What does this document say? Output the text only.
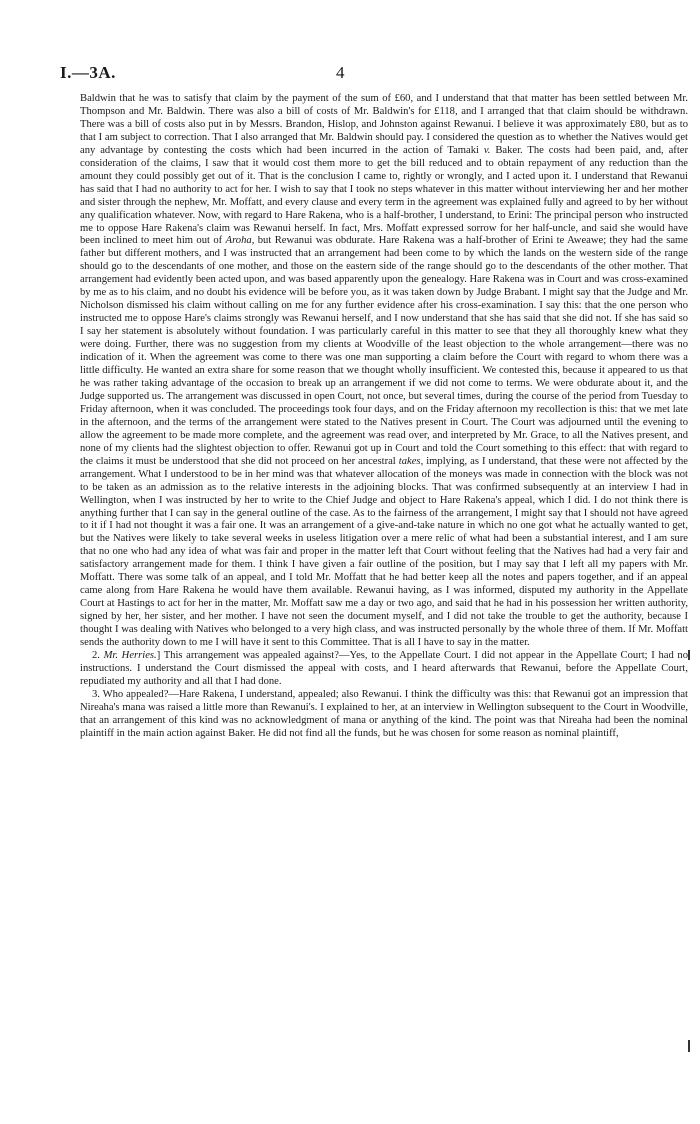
I.—3A.	4

Baldwin that he was to satisfy that claim by the payment of the sum of £60, and I understand that that matter has been settled between Mr. Thompson and Mr. Baldwin. There was also a bill of costs of Mr. Baldwin's for £118, and I arranged that that claim should be withdrawn. There was a bill of costs also put in by Messrs. Brandon, Hislop, and Johnston against Rewanui. I believe it was approximately £80, but as to that I am subject to correction. That I also arranged that Mr. Baldwin should pay. I considered the question as to whether the Natives would get any advantage by contesting the costs which had been incurred in the action of Tamaki v. Baker. The costs had been paid, and, after consideration of the claims, I saw that it would cost them more to get the bill reduced and to obtain repayment of any reduction than the amount they could possibly get out of it. That is the conclusion I came to, rightly or wrongly, and I acted upon it. I understand that Rewanui has said that I had no authority to act for her. I wish to say that I took no steps whatever in this matter without interviewing her and her mother and sister through the nephew, Mr. Moffatt, and every clause and every term in the agreement was explained fully and agreed to by her without any qualification whatever. Now, with regard to Hare Rakena, who is a half-brother, I understand, to Erini: The principal person who instructed me to oppose Hare Rakena's claim was Rewanui herself. In fact, Mrs. Moffatt expressed sorrow for her half-uncle, and said she would have been inclined to meet him out of Aroha, but Rewanui was obdurate. Hare Rakena was a half-brother of Erini te Aweawe; they had the same father but different mothers, and I was instructed that an arrangement had been come to by which the lands on the western side of the range should go to the descendants of one mother, and those on the eastern side of the range should go to the descendants of the other mother. That arrangement had evidently been acted upon, and was based apparently upon the genealogy. Hare Rakena was in Court and was cross-examined by me as to his claim, and no doubt his evidence will be before you, as it was taken down by Judge Brabant. I might say that the Judge and Mr. Nicholson dismissed his claim without calling on me for any further evidence after his cross-examination. I say this: that the one person who instructed me to oppose Hare's claims strongly was Rewanui herself, and I now understand that she has said that she did not. If she has said so I say her statement is absolutely without foundation. I was particularly careful in this matter to see that they all thoroughly knew what they were doing. Further, there was no suggestion from my clients at Woodville of the least objection to the whole arrangement—there was no indication of it. When the agreement was come to there was one man supporting a claim before the Court with regard to whom there was a little difficulty. He wanted an extra share for some reason that we thought wholly insufficient. We contested this, because it appeared to us that he was rather taking advantage of the occasion to break up an arrangement if we did not come to terms. We were obdurate about it, and the Judge supported us. The arrangement was discussed in open Court, not once, but several times, during the course of the period from Tuesday to Friday afternoon, when it was concluded. The proceedings took four days, and on the Friday afternoon my recollection is this: that we met late in the afternoon, and the terms of the arrangement were stated to the Natives present in Court. The Court was adjourned until the evening to allow the agreement to be made more complete, and the agreement was read over, and interpreted by Mr. Grace, to all the Natives present, and none of my clients had the slightest objection to offer. Rewanui got up in Court and told the Court something to this effect: that with regard to the claims it must be understood that she did not proceed on her ancestral takes, implying, as I understand, that these were not affected by the arrangement. What I understood to be in her mind was that whatever allocation of the moneys was made in connection with the block was not to be taken as an admission as to the relative interests in the adjoining blocks. That was confirmed subsequently at an interview I had in Wellington, when I was instructed by her to write to the Chief Judge and object to Hare Rakena's appeal, which I did. I do not think there is anything further that I can say in the general outline of the case. As to the fairness of the arrangement, I might say that I should not have agreed to it if I had not thought it was a fair one. It was an arrangement of a give-and-take nature in which no one got what he actually wanted to get, but the Natives were likely to take several weeks in useless litigation over a mere relic of what had been a substantial interest, and I am sure that no one who had any idea of what was fair and proper in the matter left that Court without feeling that the Natives had had a very fair and satisfactory arrangement made for them. I think I have given a fair outline of the position, but I may say that I left all my papers with Mr. Moffatt. There was some talk of an appeal, and I told Mr. Moffatt that he had better keep all the notes and papers together, and if an appeal came along from Hare Rakena he would have them available. Rewanui having, as I was informed, disputed my authority in the Appellate Court at Hastings to act for her in the matter, Mr. Moffatt saw me a day or two ago, and said that he had in his possession her written authority, signed by her, her sister, and her mother. I have not seen the document myself, and I did not take the trouble to get the authority, because I thought I was dealing with Natives who belonged to a very high class, and was instructed personally by the whole three of them. If Mr. Moffatt sends the authority down to me I will have it sent to this Committee. That is all I have to say in the matter.

2. Mr. Herries.] This arrangement was appealed against?—Yes, to the Appellate Court. I did not appear in the Appellate Court; I had no instructions. I understand the Court dismissed the appeal with costs, and I heard afterwards that Rewanui, before the Appellate Court, repudiated my authority and all that I had done.

3. Who appealed?—Hare Rakena, I understand, appealed; also Rewanui. I think the difficulty was this: that Rewanui got an impression that Nireaha's mana was raised a little more than Rewanui's. I explained to her, at an interview in Wellington subsequent to the Court in Woodville, that an arrangement of this kind was no acknowledgment of mana or anything of the kind. The point was that Nireaha had been the nominal plaintiff in the main action against Baker. He did not find all the funds, but he was chosen for some reason as nominal plaintiff,
